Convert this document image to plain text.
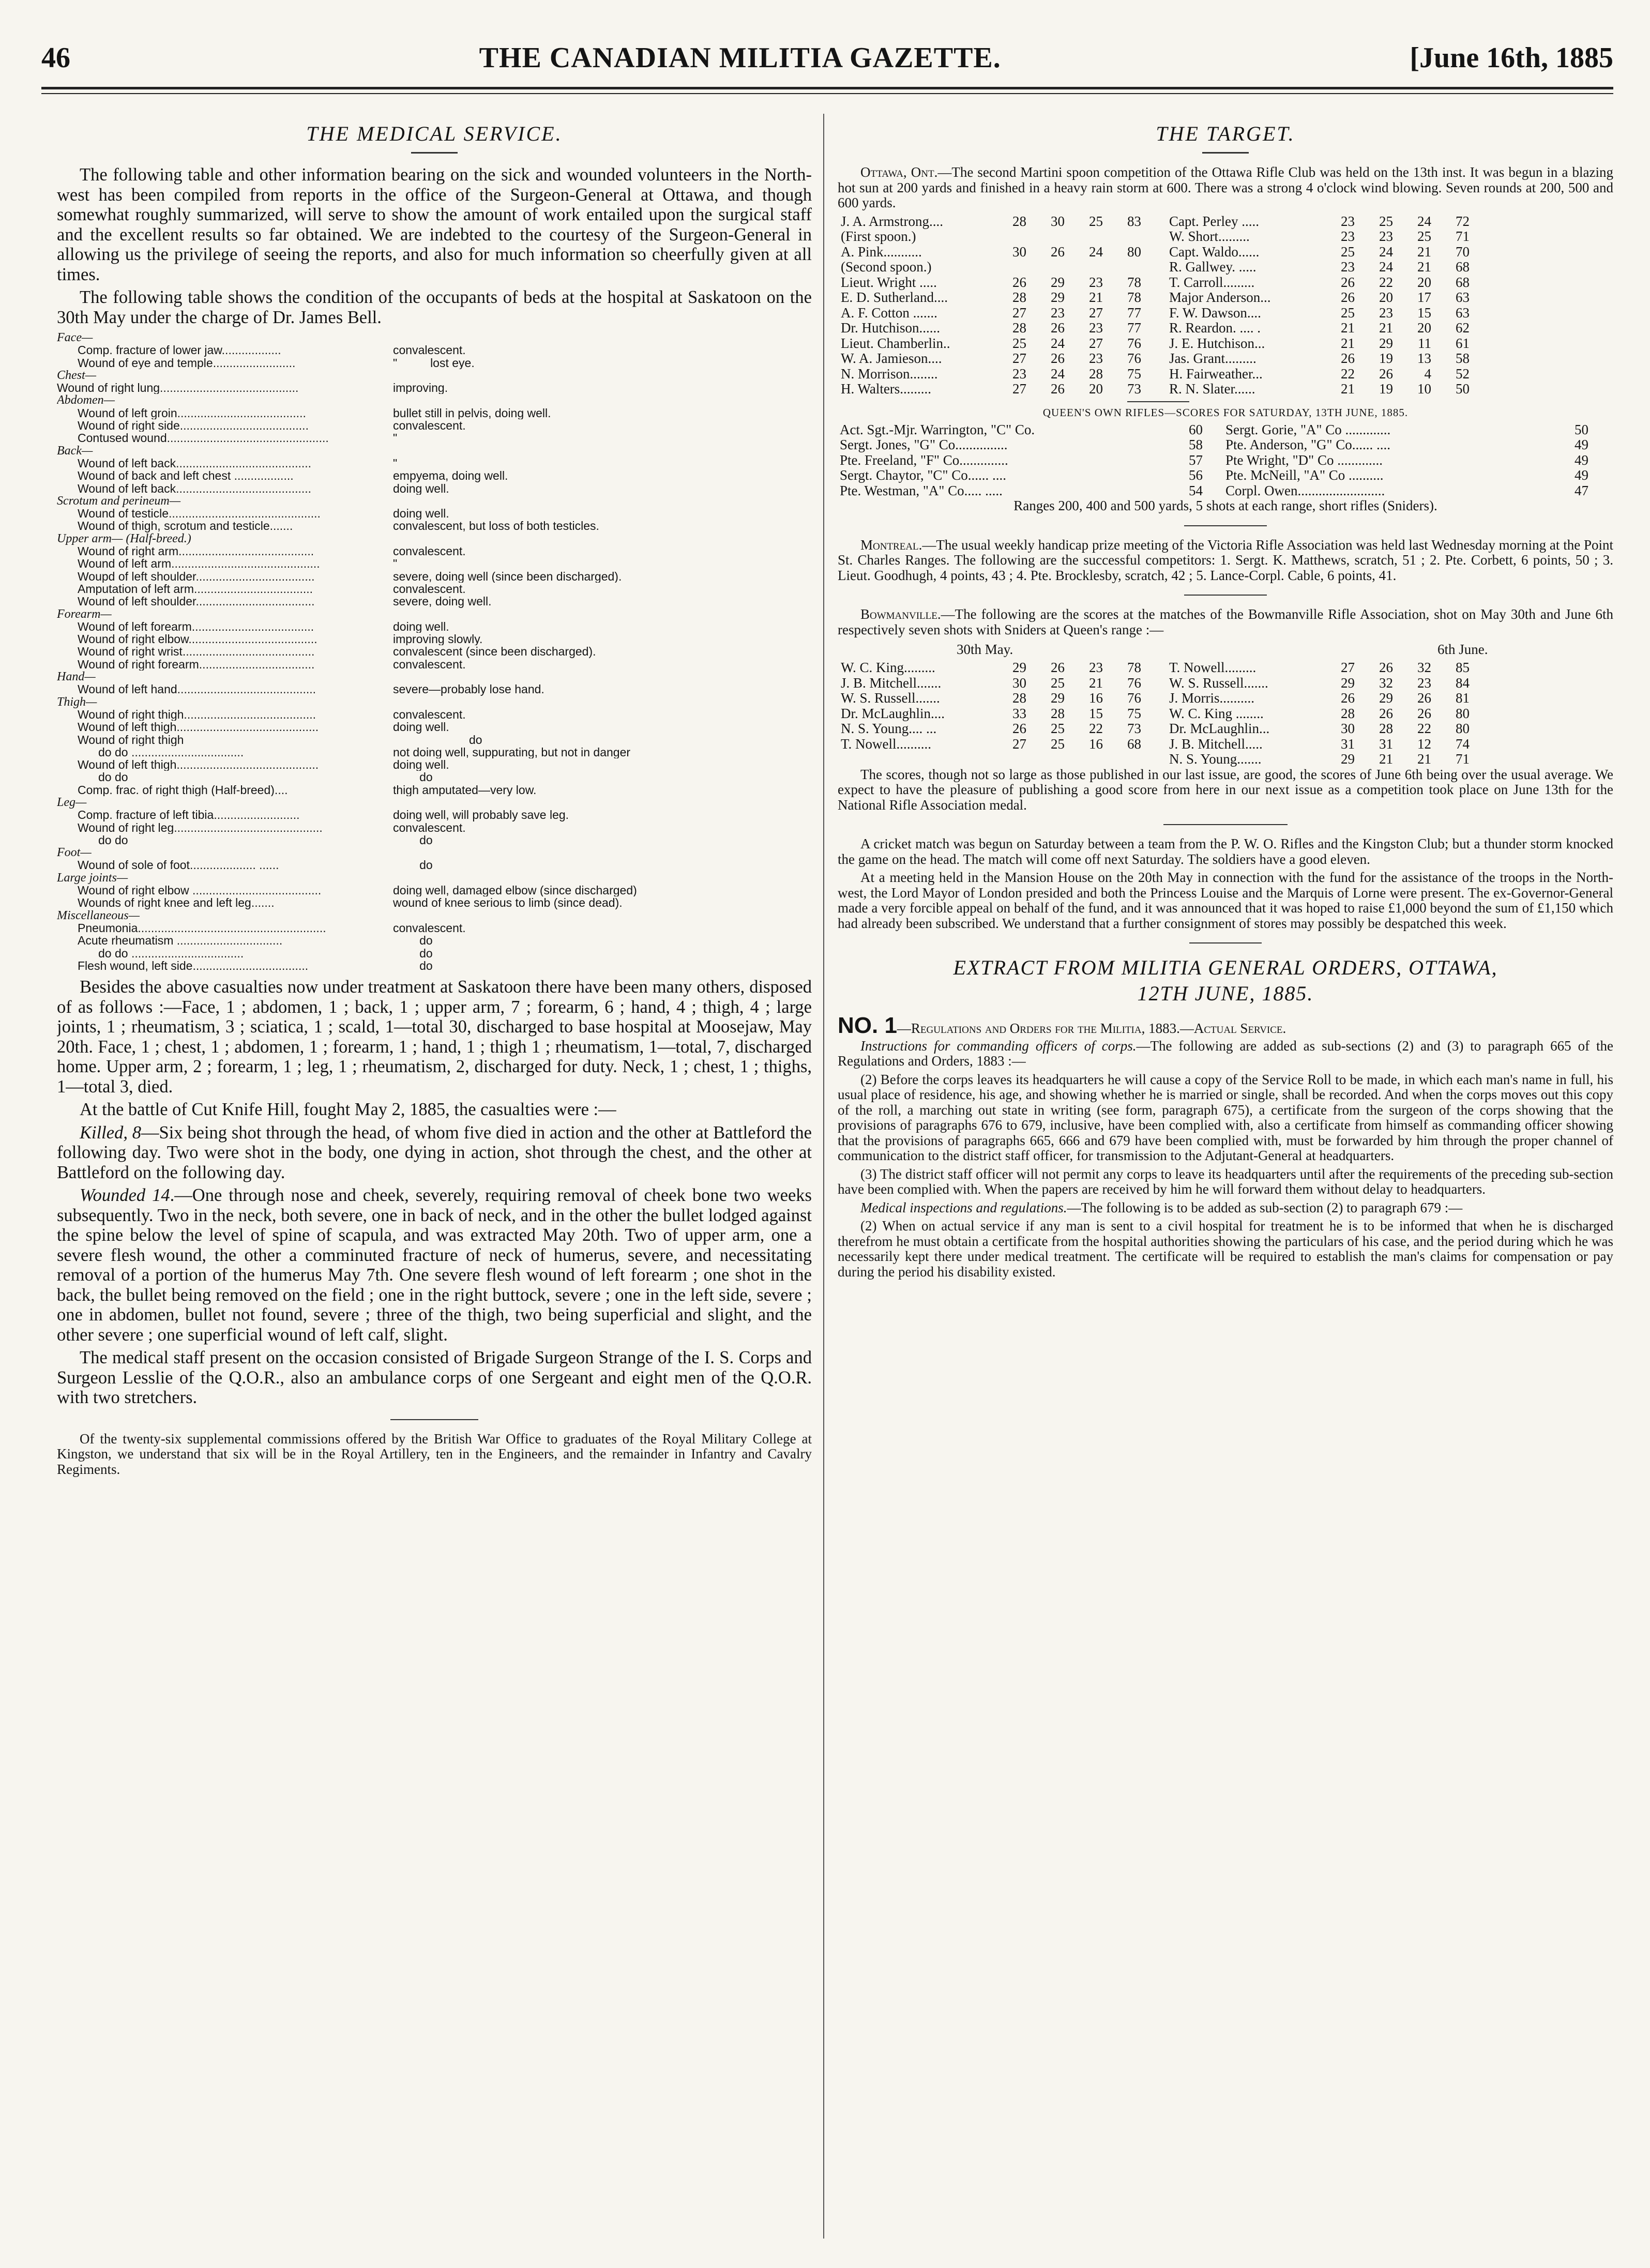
46	THE CANADIAN MILITIA GAZETTE.	[June 16th, 1885
THE MEDICAL SERVICE.

The following table and other information bearing on the sick and wounded volunteers in the North-west has been compiled from reports in the office of the Surgeon-General at Ottawa, and though somewhat roughly summarized, will serve to show the amount of work entailed upon the surgical staff and the excellent results so far obtained. We are indebted to the courtesy of the Surgeon-General in allowing us the privilege of seeing the reports, and also for much information so cheerfully given at all times.

The following table shows the condition of the occupants of beds at the hospital at Saskatoon on the 30th May under the charge of Dr. James Bell.

Face—
Comp. fracture of lower jaw..................	convalescent.
Wound of eye and temple.........................	"          lost eye.
Chest—
Wound of right lung..........................................	improving.
Abdomen—
Wound of left groin.......................................	bullet still in pelvis, doing well.
Wound of right side.......................................	convalescent.
Contused wound.................................................	"
Back—
Wound of left back.........................................	"
Wound of back and left chest ..................	empyema, doing well.
Wound of left back.........................................	doing well.
Scrotum and perineum—
Wound of testicle..............................................	doing well.
Wound of thigh, scrotum and testicle.......	convalescent, but loss of both testicles.
Upper arm— (Half-breed.)
Wound of right arm.........................................	convalescent.
Wound of left arm.............................................	"
Woupd of left shoulder....................................	severe, doing well (since been discharged).
Amputation of left arm....................................	convalescent.
Wound of left shoulder....................................	severe, doing well.
Forearm—
Wound of left forearm.....................................	doing well.
Wound of right elbow.......................................	improving slowly.
Wound of right wrist........................................	convalescent (since been discharged).
Wound of right forearm...................................	convalescent.
Hand—
Wound of left hand..........................................	severe—probably lose hand.
Thigh—
Wound of right thigh........................................	convalescent.
Wound of left thigh...........................................	doing well.
Wound of right thigh	do
do do ..................................	not doing well, suppurating, but not in danger
Wound of left thigh...........................................	doing well.
do do	do
Comp. frac. of right thigh (Half-breed)....	thigh amputated—very low.
Leg—
Comp. fracture of left tibia..........................	doing well, will probably save leg.
Wound of right leg.............................................	convalescent.
do do	do
Foot—
Wound of sole of foot.................... ......	do
Large joints—
Wound of right elbow .......................................	doing well, damaged elbow (since discharged)
Wounds of right knee and left leg.......	wound of knee serious to limb (since dead).
Miscellaneous—
Pneumonia.........................................................	convalescent.
Acute rheumatism ................................	do
do do ..................................	do
Flesh wound, left side...................................	do

Besides the above casualties now under treatment at Saskatoon there have been many others, disposed of as follows :—Face, 1 ; abdomen, 1 ; back, 1 ; upper arm, 7 ; forearm, 6 ; hand, 4 ; thigh, 4 ; large joints, 1 ; rheumatism, 3 ; sciatica, 1 ; scald, 1—total 30, discharged to base hospital at Moosejaw, May 20th. Face, 1 ; chest, 1 ; abdomen, 1 ; forearm, 1 ; hand, 1 ; thigh 1 ; rheumatism, 1—total, 7, discharged home. Upper arm, 2 ; forearm, 1 ; leg, 1 ; rheumatism, 2, discharged for duty. Neck, 1 ; chest, 1 ; thighs, 1—total 3, died.

At the battle of Cut Knife Hill, fought May 2, 1885, the casualties were :—

Killed, 8—Six being shot through the head, of whom five died in action and the other at Battleford the following day. Two were shot in the body, one dying in action, shot through the chest, and the other at Battleford on the following day.

Wounded 14.—One through nose and cheek, severely, requiring removal of cheek bone two weeks subsequently. Two in the neck, both severe, one in back of neck, and in the other the bullet lodged against the spine below the level of spine of scapula, and was extracted May 20th. Two of upper arm, one a severe flesh wound, the other a comminuted fracture of neck of humerus, severe, and necessitating removal of a portion of the humerus May 7th. One severe flesh wound of left forearm ; one shot in the back, the bullet being removed on the field ; one in the right buttock, severe ; one in the left side, severe ; one in abdomen, bullet not found, severe ; three of the thigh, two being superficial and slight, and the other severe ; one superficial wound of left calf, slight.

The medical staff present on the occasion consisted of Brigade Surgeon Strange of the I. S. Corps and Surgeon Lesslie of the Q.O.R., also an ambulance corps of one Sergeant and eight men of the Q.O.R. with two stretchers.

Of the twenty-six supplemental commissions offered by the British War Office to graduates of the Royal Military College at Kingston, we understand that six will be in the Royal Artillery, ten in the Engineers, and the remainder in Infantry and Cavalry Regiments.

THE TARGET.

Ottawa, Ont.—The second Martini spoon competition of the Ottawa Rifle Club was held on the 13th inst. It was begun in a blazing hot sun at 200 yards and finished in a heavy rain storm at 600. There was a strong 4 o'clock wind blowing. Seven rounds at 200, 500 and 600 yards.

J. A. Armstrong....	28	30	25	83		Capt. Perley .....	23	25	24	72
(First spoon.)						W. Short.........	23	23	25	71
A. Pink...........	30	26	24	80		Capt. Waldo......	25	24	21	70
(Second spoon.)						R. Gallwey. .....	23	24	21	68
Lieut. Wright .....	26	29	23	78		T. Carroll.........	26	22	20	68
E. D. Sutherland....	28	29	21	78		Major Anderson...	26	20	17	63
A. F. Cotton .......	27	23	27	77		F. W. Dawson....	25	23	15	63
Dr. Hutchison......	28	26	23	77		R. Reardon. .... .	21	21	20	62
Lieut. Chamberlin..	25	24	27	76		J. E. Hutchison...	21	29	11	61
W. A. Jamieson....	27	26	23	76		Jas. Grant.........	26	19	13	58
N. Morrison........	23	24	28	75		H. Fairweather...	22	26	4	52
H. Walters.........	27	26	20	73		R. N. Slater......	21	19	10	50
QUEEN'S OWN RIFLES—SCORES FOR SATURDAY, 13TH JUNE, 1885.
Act. Sgt.-Mjr. Warrington, "C" Co.	60	Sergt. Gorie, "A" Co .............	50
Sergt. Jones, "G" Co...............	58	Pte. Anderson, "G" Co...... ....	49
Pte. Freeland, "F" Co..............	57	Pte Wright, "D" Co .............	49
Sergt. Chaytor, "C" Co...... ....	56	Pte. McNeill, "A" Co ..........	49
Pte. Westman, "A" Co..... .....	54	Corpl. Owen.........................	47

Ranges 200, 400 and 500 yards, 5 shots at each range, short rifles (Sniders).

Montreal.—The usual weekly handicap prize meeting of the Victoria Rifle Association was held last Wednesday morning at the Point St. Charles Ranges. The following are the successful competitors: 1. Sergt. K. Matthews, scratch, 51 ; 2. Pte. Corbett, 6 points, 50 ; 3. Lieut. Goodhugh, 4 points, 43 ; 4. Pte. Brocklesby, scratch, 42 ; 5. Lance-Corpl. Cable, 6 points, 41.

Bowmanville.—The following are the scores at the matches of the Bowmanville Rifle Association, shot on May 30th and June 6th respectively seven shots with Sniders at Queen's range :—

30th May.	6th June.
W. C. King.........	29	26	23	78		T. Nowell.........	27	26	32	85
J. B. Mitchell.......	30	25	21	76		W. S. Russell.......	29	32	23	84
W. S. Russell.......	28	29	16	76		J. Morris..........	26	29	26	81
Dr. McLaughlin....	33	28	15	75		W. C. King ........	28	26	26	80
N. S. Young.... ...	26	25	22	73		Dr. McLaughlin...	30	28	22	80
T. Nowell..........	27	25	16	68		J. B. Mitchell.....	31	31	12	74
						N. S. Young.......	29	21	21	71

The scores, though not so large as those published in our last issue, are good, the scores of June 6th being over the usual average. We expect to have the pleasure of publishing a good score from here in our next issue as a competition took place on June 13th for the National Rifle Association medal.

A cricket match was begun on Saturday between a team from the P. W. O. Rifles and the Kingston Club; but a thunder storm knocked the game on the head. The match will come off next Saturday. The soldiers have a good eleven.

At a meeting held in the Mansion House on the 20th May in connection with the fund for the assistance of the troops in the North-west, the Lord Mayor of London presided and both the Princess Louise and the Marquis of Lorne were present. The ex-Governor-General made a very forcible appeal on behalf of the fund, and it was announced that it was hoped to raise £1,000 beyond the sum of £1,150 which had already been subscribed. We understand that a further consignment of stores may possibly be despatched this week.

EXTRACT FROM MILITIA GENERAL ORDERS, OTTAWA,
12TH JUNE, 1885.
NO. 1—Regulations and Orders for the Militia, 1883.—Actual Service.

Instructions for commanding officers of corps.—The following are added as sub-sections (2) and (3) to paragraph 665 of the Regulations and Orders, 1883 :—

(2) Before the corps leaves its headquarters he will cause a copy of the Service Roll to be made, in which each man's name in full, his usual place of residence, his age, and showing whether he is married or single, shall be recorded. And when the corps moves out this copy of the roll, a marching out state in writing (see form, paragraph 675), a certificate from the surgeon of the corps showing that the provisions of paragraphs 676 to 679, inclusive, have been complied with, also a certificate from himself as commanding officer showing that the provisions of paragraphs 665, 666 and 679 have been complied with, must be forwarded by him through the proper channel of communication to the district staff officer, for transmission to the Adjutant-General at headquarters.

(3) The district staff officer will not permit any corps to leave its headquarters until after the requirements of the preceding sub-section have been complied with. When the papers are received by him he will forward them without delay to headquarters.

Medical inspections and regulations.—The following is to be added as sub-section (2) to paragraph 679 :—

(2) When on actual service if any man is sent to a civil hospital for treatment he is to be informed that when he is discharged therefrom he must obtain a certificate from the hospital authorities showing the particulars of his case, and the period during which he was necessarily kept there under medical treatment. The certificate will be required to establish the man's claims for compensation or pay during the period his disability existed.
